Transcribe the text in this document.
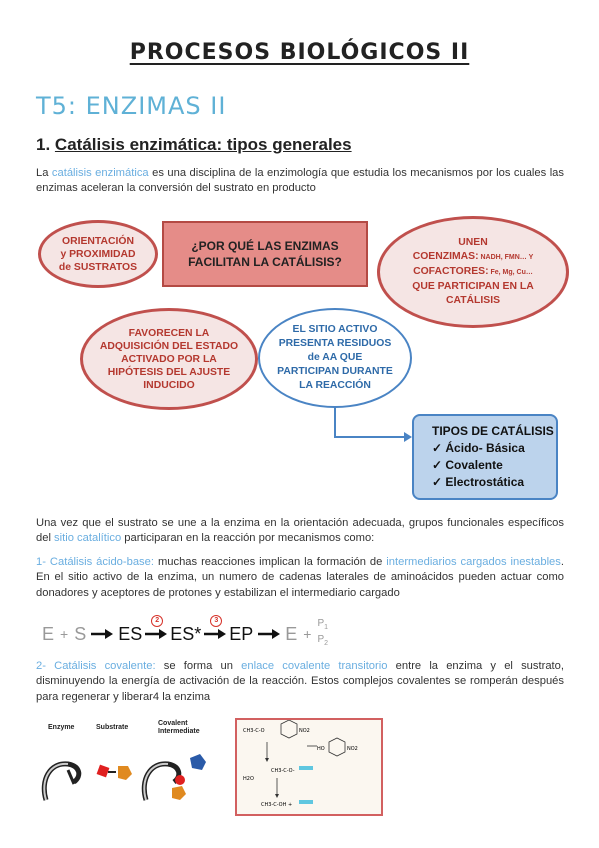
PROCESOS BIOLÓGICOS II
T5: ENZIMAS II
1. Catálisis enzimática: tipos generales
La catálisis enzimática es una disciplina de la enzimología que estudia los mecanismos por los cuales las enzimas aceleran la conversión del sustrato en producto
ORIENTACIÓN
y PROXIMIDAD
de SUSTRATOS
¿POR QUÉ LAS ENZIMAS
FACILITAN LA CATÁLISIS?
UNEN
COENZIMAS: NADH, FMN… Y
COFACTORES: Fe, Mg, Cu…
QUE PARTICIPAN EN LA
CATÁLISIS
FAVORECEN LA
ADQUISICIÓN DEL ESTADO
ACTIVADO POR LA
HIPÓTESIS DEL AJUSTE
INDUCIDO
EL SITIO ACTIVO
PRESENTA RESIDUOS
de AA QUE
PARTICIPAN DURANTE
LA REACCIÓN
TIPOS DE CATÁLISIS
✓ Ácido- Básica
✓ Covalente
✓ Electrostática
Una vez que el sustrato se une a la enzima en la orientación adecuada, grupos funcionales específicos del sitio catalítico participaran en la reacción por mecanismos como:
1- Catálisis ácido-base: muchas reacciones implican la formación de intermediarios cargados inestables. En el sitio activo de la enzima, un numero de cadenas laterales de aminoácidos pueden actuar como donadores y aceptores de protones y estabilizan el intermediario cargado
E + S ES
2
ES*
3
EP E +
$P_1$
$P_2$
2- Catálisis covalente: se forma un enlace covalente transitorio entre la enzima y el sustrato, disminuyendo la energía de activación de la reacción. Estos complejos covalentes se romperán después para regenerar y liberar4 la enzima
Enzyme	Substrate
Covalent
Intermediate	CH3-C-O	NO2
HO	NO2
CH3-C-O-
H2O
CH3-C-OH +
